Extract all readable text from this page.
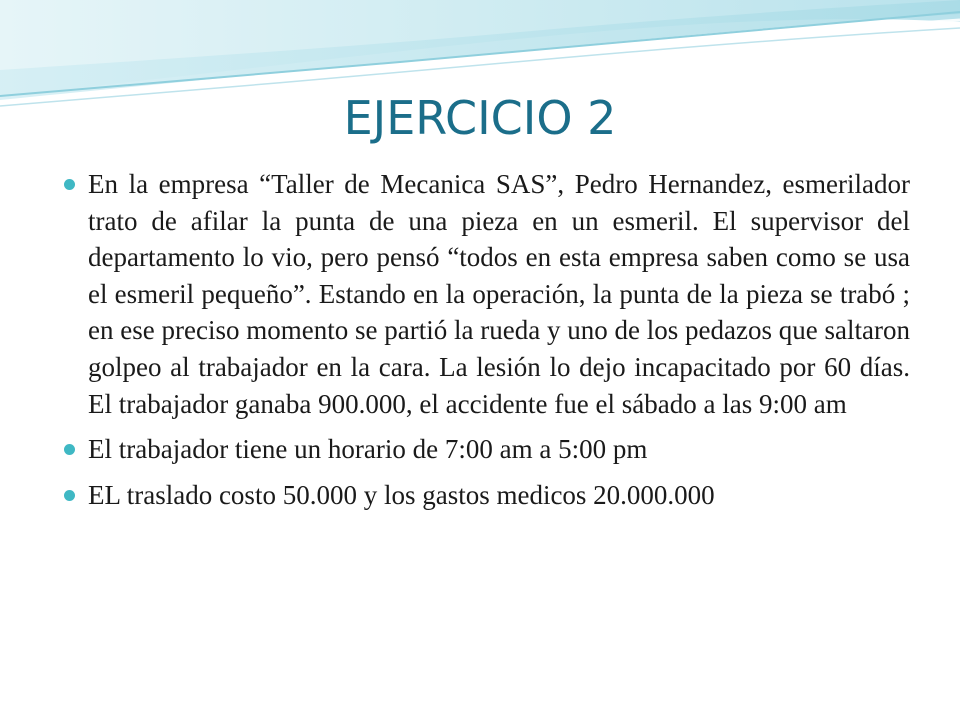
EJERCICIO 2
En la empresa “Taller de Mecanica SAS”, Pedro Hernandez, esmerilador trato de afilar la punta de una pieza en un esmeril. El supervisor del departamento lo vio, pero pensó “todos en esta empresa saben como se usa el esmeril pequeño”. Estando en la operación, la punta de la pieza se trabó ; en ese preciso momento se partió la rueda y uno de los pedazos que saltaron golpeo al trabajador en la cara. La lesión lo dejo incapacitado por 60 días. El trabajador ganaba 900.000, el accidente fue el sábado a las 9:00 am
El trabajador tiene un horario de 7:00 am a 5:00 pm
EL traslado costo 50.000 y los gastos medicos 20.000.000
